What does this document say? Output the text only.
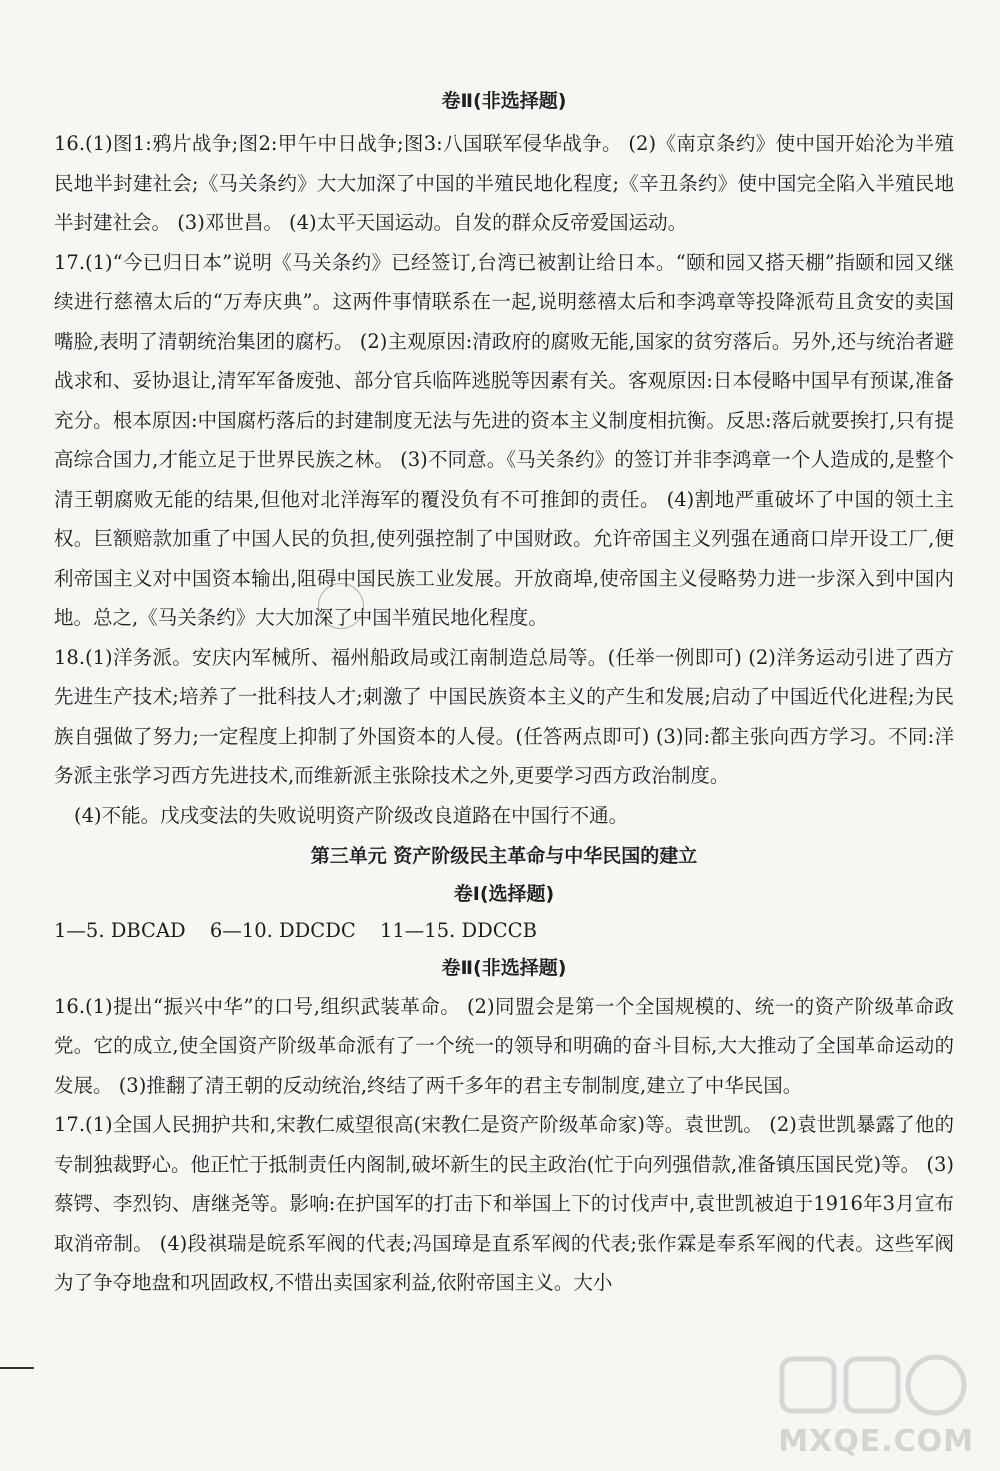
卷Ⅱ(非选择题)

16.(1)图1:鸦片战争;图2:甲午中日战争;图3:八国联军侵华战争。 (2)《南京条约》使中国开始沦为半殖民地半封建社会;《马关条约》大大加深了中国的半殖民地化程度;《辛丑条约》使中国完全陷入半殖民地半封建社会。 (3)邓世昌。 (4)太平天国运动。自发的群众反帝爱国运动。

17.(1)“今已归日本”说明《马关条约》已经签订,台湾已被割让给日本。“颐和园又搭天棚”指颐和园又继续进行慈禧太后的“万寿庆典”。这两件事情联系在一起,说明慈禧太后和李鸿章等投降派苟且贪安的卖国嘴脸,表明了清朝统治集团的腐朽。 (2)主观原因:清政府的腐败无能,国家的贫穷落后。另外,还与统治者避战求和、妥协退让,清军军备废弛、部分官兵临阵逃脱等因素有关。客观原因:日本侵略中国早有预谋,准备充分。根本原因:中国腐朽落后的封建制度无法与先进的资本主义制度相抗衡。反思:落后就要挨打,只有提高综合国力,才能立足于世界民族之林。 (3)不同意。《马关条约》的签订并非李鸿章一个人造成的,是整个清王朝腐败无能的结果,但他对北洋海军的覆没负有不可推卸的责任。 (4)割地严重破坏了中国的领土主权。巨额赔款加重了中国人民的负担,使列强控制了中国财政。允许帝国主义列强在通商口岸开设工厂,便利帝国主义对中国资本输出,阻碍中国民族工业发展。开放商埠,使帝国主义侵略势力进一步深入到中国内地。总之,《马关条约》大大加深了中国半殖民地化程度。

18.(1)洋务派。安庆内军械所、福州船政局或江南制造总局等。(任举一例即可) (2)洋务运动引进了西方先进生产技术;培养了一批科技人才;刺激了 中国民族资本主义的产生和发展;启动了中国近代化进程;为民族自强做了努力;一定程度上抑制了外国资本的人侵。(任答两点即可) (3)同:都主张向西方学习。不同:洋务派主张学习西方先进技术,而维新派主张除技术之外,更要学习西方政治制度。

(4)不能。戊戌变法的失败说明资产阶级改良道路在中国行不通。

第三单元 资产阶级民主革命与中华民国的建立

卷Ⅰ(选择题)

1—5. DBCAD 6—10. DDCDC 11—15. DDCCB

卷Ⅱ(非选择题)

16.(1)提出“振兴中华”的口号,组织武装革命。 (2)同盟会是第一个全国规模的、统一的资产阶级革命政党。它的成立,使全国资产阶级革命派有了一个统一的领导和明确的奋斗目标,大大推动了全国革命运动的发展。 (3)推翻了清王朝的反动统治,终结了两千多年的君主专制制度,建立了中华民国。

17.(1)全国人民拥护共和,宋教仁威望很高(宋教仁是资产阶级革命家)等。袁世凯。 (2)袁世凯暴露了他的专制独裁野心。他正忙于抵制责任内阁制,破坏新生的民主政治(忙于向列强借款,准备镇压国民党)等。 (3)蔡锷、李烈钧、唐继尧等。影响:在护国军的打击下和举国上下的讨伐声中,袁世凯被迫于1916年3月宣布取消帝制。 (4)段祺瑞是皖系军阀的代表;冯国璋是直系军阀的代表;张作霖是奉系军阀的代表。这些军阀为了争夺地盘和巩固政权,不惜出卖国家利益,依附帝国主义。大小

MXQE.COM
